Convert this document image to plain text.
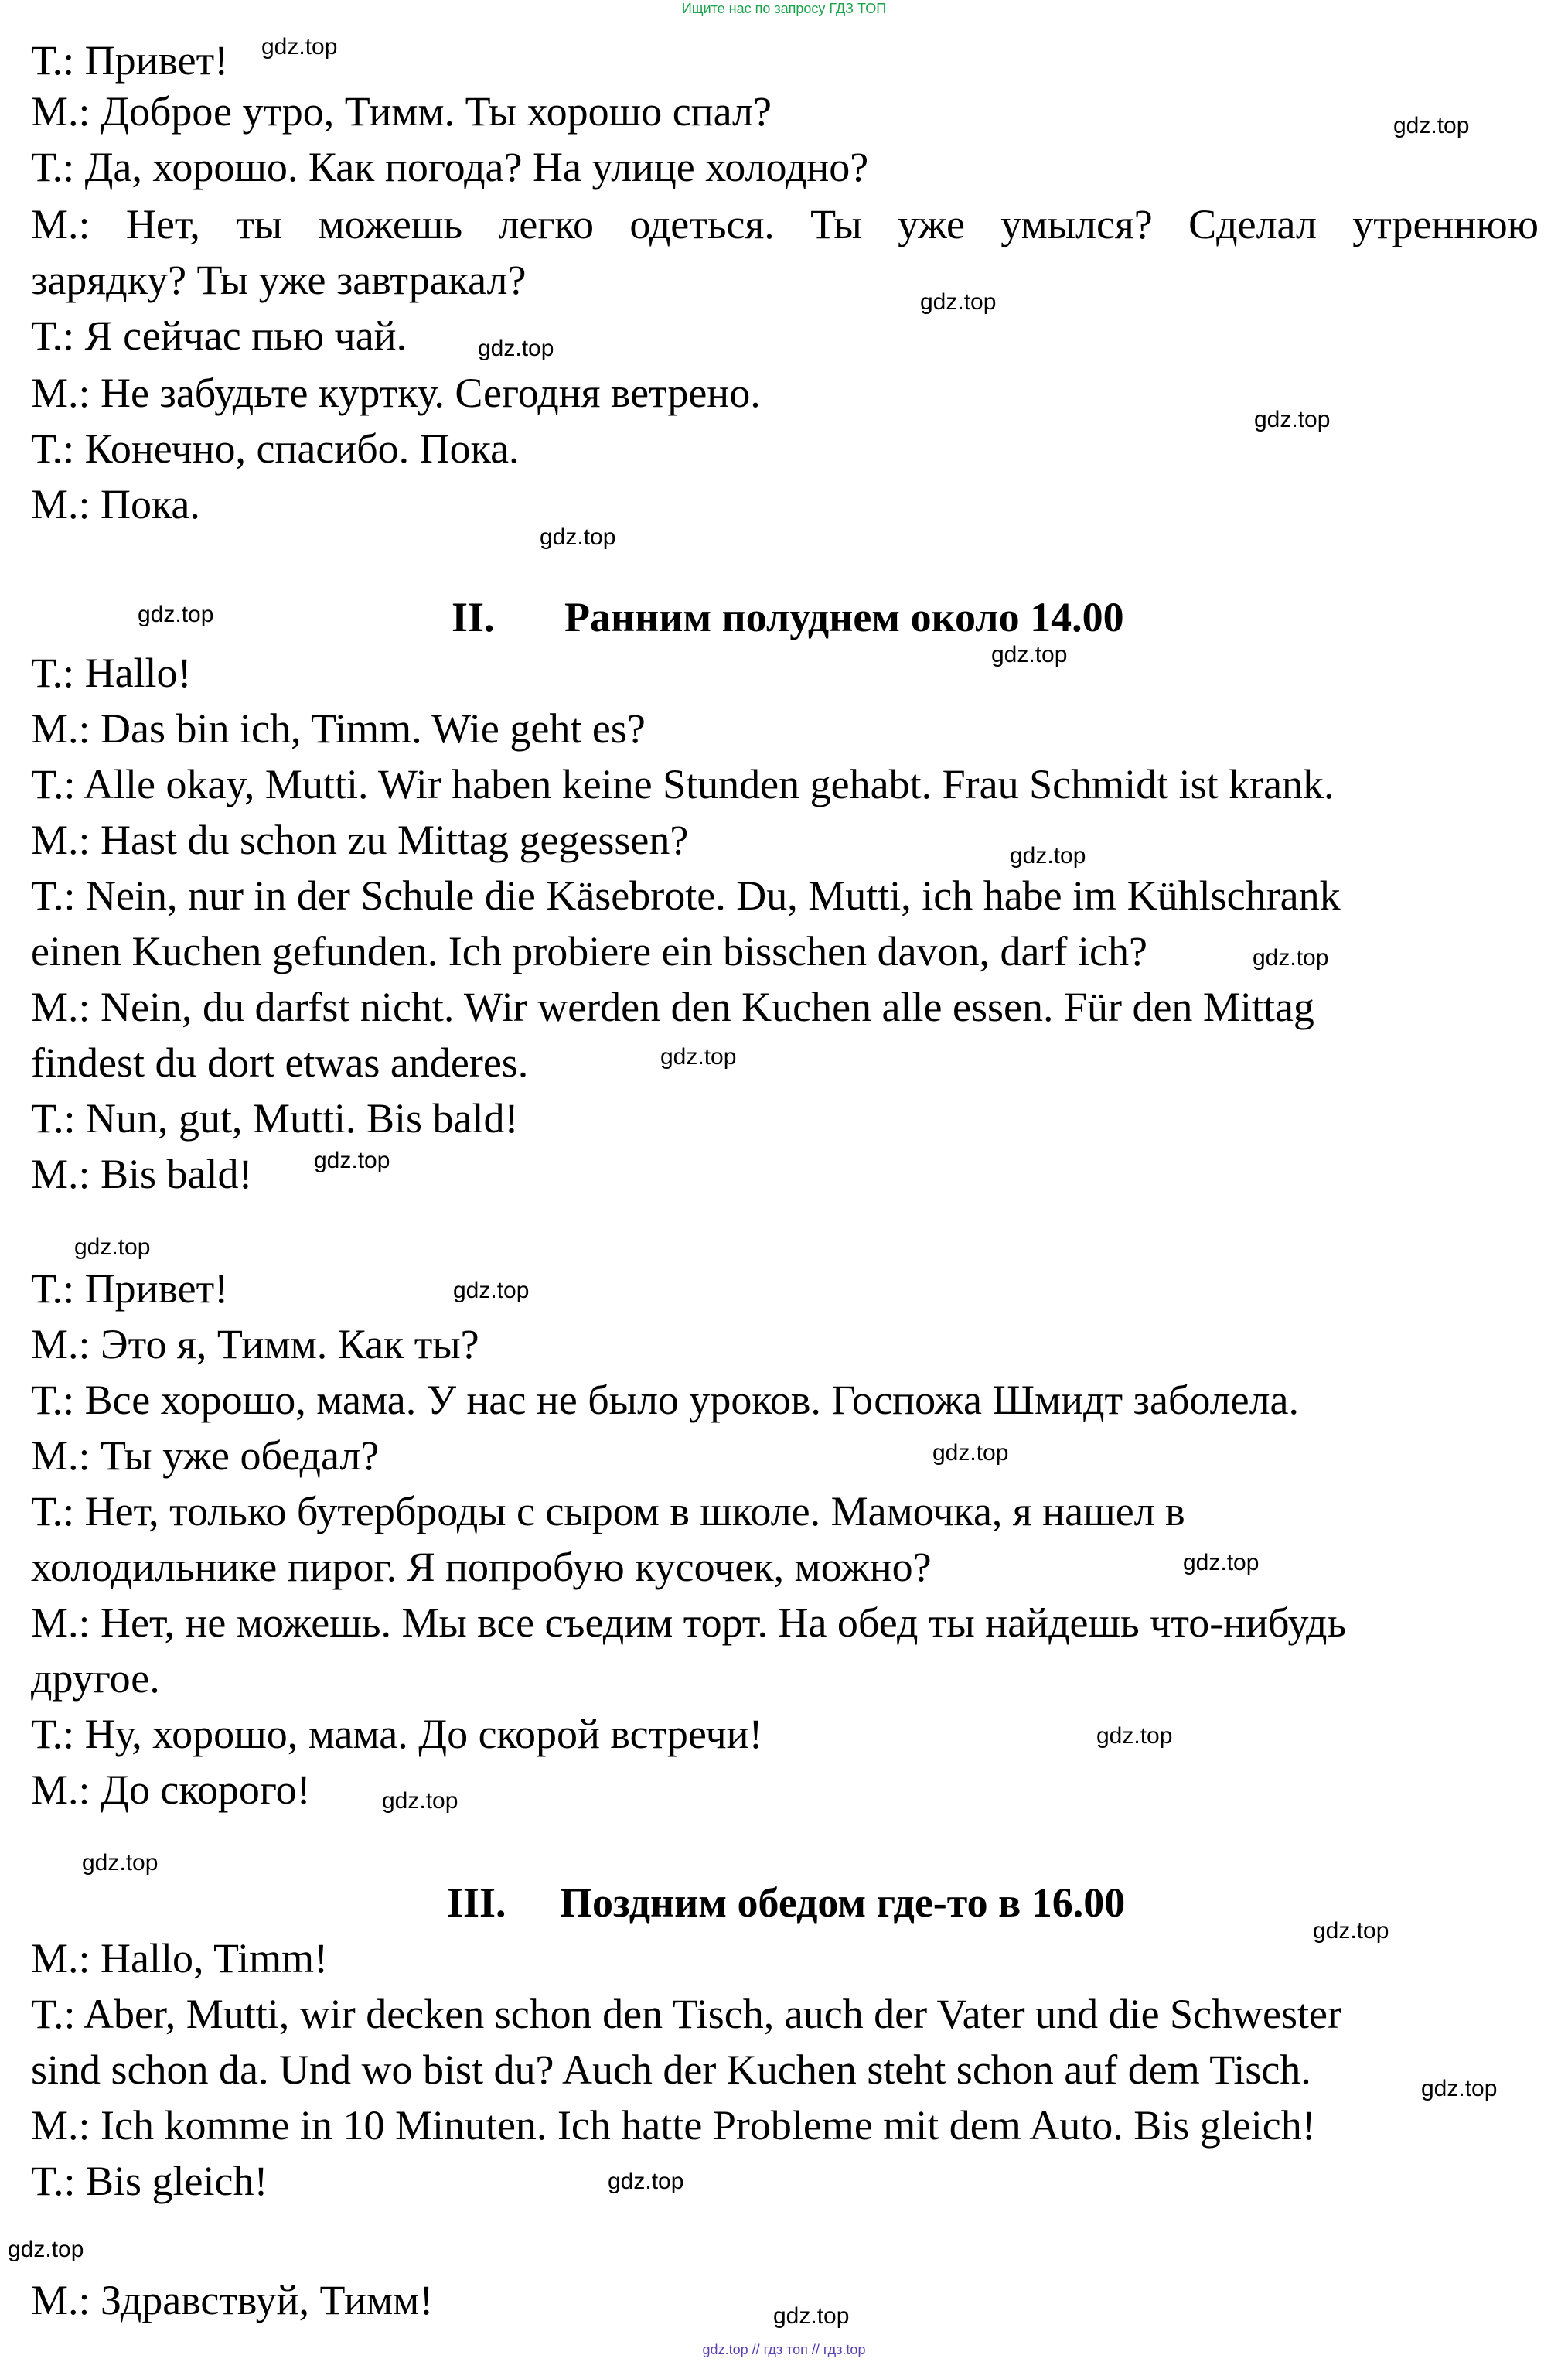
Ищите нас по запросу ГДЗ ТОП

Т.: Привет!

М.: Доброе утро, Тимм. Ты хорошо спал?

Т.: Да, хорошо. Как погода? На улице холодно?

М.: Нет, ты можешь легко одеться. Ты уже умылся? Сделал утреннюю

зарядку? Ты уже завтракал?

Т.: Я сейчас пью чай.

М.: Не забудьте куртку. Сегодня ветрено.

Т.: Конечно, спасибо. Пока.

М.: Пока.

II. Ранним полуднем около 14.00

Т.: Hallo!

M.: Das bin ich, Timm. Wie geht es?

T.: Alle okay, Mutti. Wir haben keine Stunden gehabt. Frau Schmidt ist krank.

M.: Hast du schon zu Mittag gegessen?

T.: Nein, nur in der Schule die Käsebrote. Du, Mutti, ich habe im Kühlschrank

einen Kuchen gefunden. Ich probiere ein bisschen davon, darf ich?

M.: Nein, du darfst nicht. Wir werden den Kuchen alle essen. Für den Mittag

findest du dort etwas anderes.

T.: Nun, gut, Mutti. Bis bald!

M.: Bis bald!

Т.: Привет!

М.: Это я, Тимм. Как ты?

Т.: Все хорошо, мама. У нас не было уроков. Госпожа Шмидт заболела.

М.: Ты уже обедал?

Т.: Нет, только бутерброды с сыром в школе. Мамочка, я нашел в

холодильнике пирог. Я попробую кусочек, можно?

М.: Нет, не можешь. Мы все съедим торт. На обед ты найдешь что-нибудь

другое.

Т.: Ну, хорошо, мама. До скорой встречи!

М.: До скорого!

III. Поздним обедом где-то в 16.00

M.: Hallo, Timm!

T.: Aber, Mutti, wir decken schon den Tisch, auch der Vater und die Schwester

sind schon da. Und wo bist du? Auch der Kuchen steht schon auf dem Tisch.

M.: Ich komme in 10 Minuten. Ich hatte Probleme mit dem Auto. Bis gleich!

T.: Bis gleich!

М.: Здравствуй, Тимм!

gdz.top
gdz.top
gdz.top
gdz.top
gdz.top
gdz.top
gdz.top
gdz.top
gdz.top
gdz.top
gdz.top
gdz.top
gdz.top
gdz.top
gdz.top
gdz.top
gdz.top
gdz.top
gdz.top
gdz.top
gdz.top
gdz.top
gdz.top
gdz.top
gdz.top // гдз топ // гдз.top
